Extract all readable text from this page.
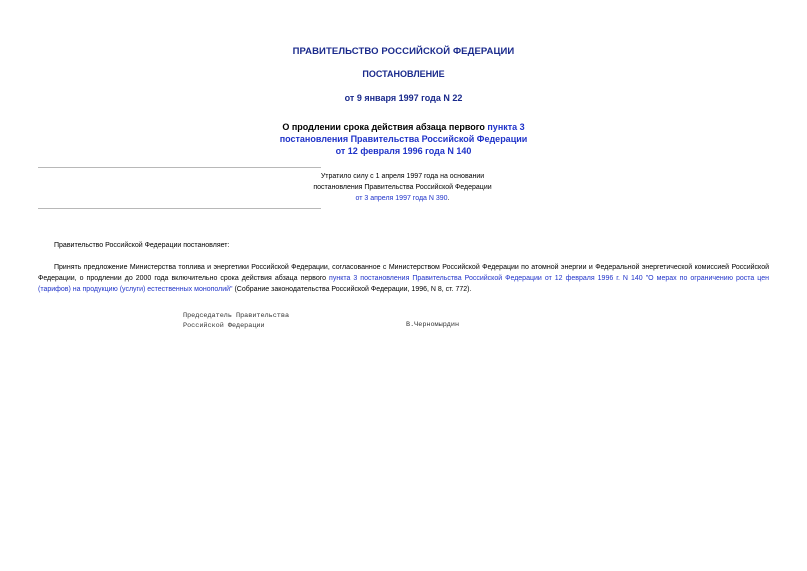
ПРАВИТЕЛЬСТВО РОССИЙСКОЙ ФЕДЕРАЦИИ
ПОСТАНОВЛЕНИЕ
от 9 января 1997 года N 22
О продлении срока действия абзаца первого пункта 3
постановления Правительства Российской Федерации
от 12 февраля 1996 года N 140
Утратило силу с 1 апреля 1997 года на основании
постановления Правительства Российской Федерации
от 3 апреля 1997 года N 390.
Правительство Российской Федерации постановляет:
Принять предложение Министерства топлива и энергетики Российской Федерации, согласованное с Министерством Российской Федерации по атомной энергии и Федеральной энергетической комиссией Российской Федерации, о продлении до 2000 года включительно срока действия абзаца первого пункта 3 постановления Правительства Российской Федерации от 12 февраля 1996 г. N 140 "О мерах по ограничению роста цен (тарифов) на продукцию (услуги) естественных монополий" (Собрание законодательства Российской Федерации, 1996, N 8, ст. 772).
Председатель Правительства
Российской Федерации	В.Черномырдин
